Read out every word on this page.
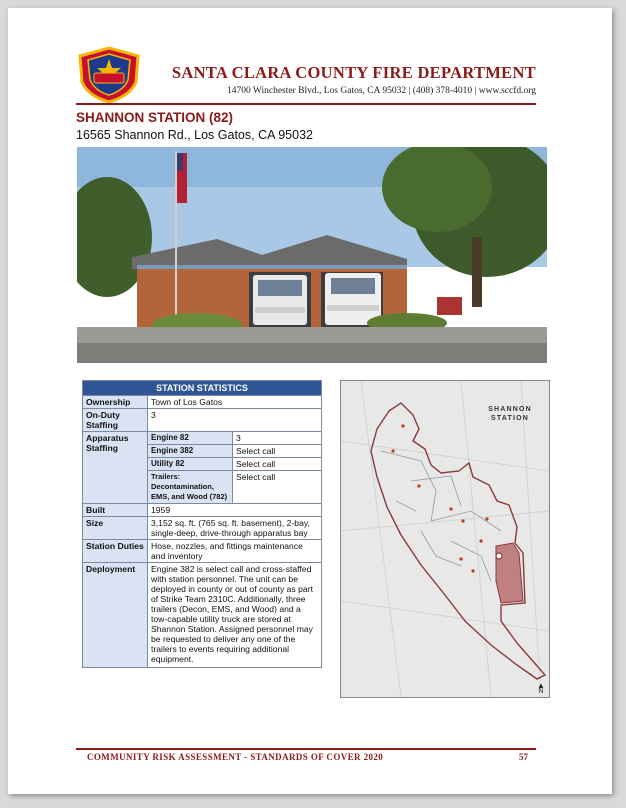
SANTA CLARA COUNTY FIRE DEPARTMENT
14700 Winchester Blvd., Los Gatos, CA 95032 | (408) 378-4010 | www.sccfd.org
SHANNON STATION (82)
16565 Shannon Rd., Los Gatos, CA 95032
STATION STATISTICS		
Ownership	Town of Los Gatos	
On-Duty Staffing	3	
Apparatus Staffing	Engine 82	3
	Engine 382	Select call
	Utility 82	Select call
	Trailers: Decontamination, EMS, and Wood (782)	Select call
Built	1959	
Size	3,152 sq. ft. (765 sq. ft. basement), 2-bay, single-deep, drive-through apparatus bay	
Station Duties	Hose, nozzles, and fittings maintenance and inventory	
Deployment	Engine 382 is select call and cross-staffed with station personnel. The unit can be deployed in county or out of county as part of Strike Team 2310C. Additionally, three trailers (Decon, EMS, and Wood) and a tow-capable utility truck are stored at Shannon Station. Assigned personnel may be requested to deliver any one of the trailers to events requiring additional equipment.	
SHANNON STATION
▲
N
COMMUNITY RISK ASSESSMENT - STANDARDS OF COVER 2020	57
